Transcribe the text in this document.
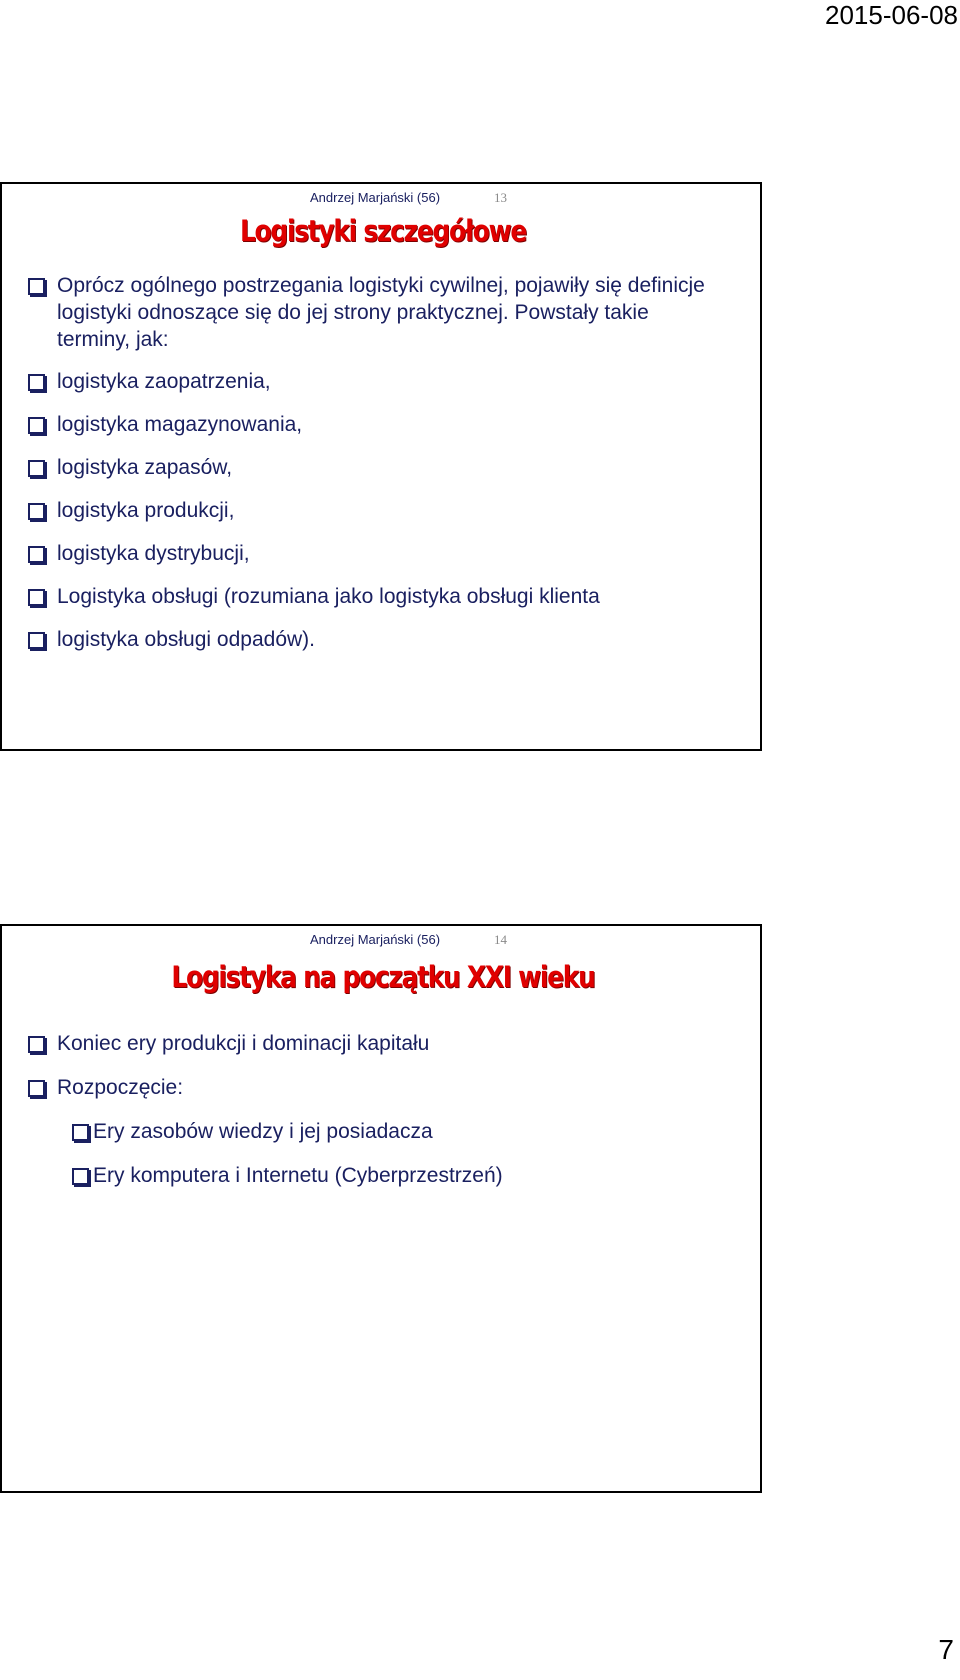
2015-06-08
Andrzej Marjański (56)	13
Logistyki szczegółowe
Oprócz ogólnego postrzegania logistyki cywilnej, pojawiły się definicje logistyki odnoszące się do jej strony praktycznej. Powstały takie terminy, jak:
logistyka zaopatrzenia,
logistyka magazynowania,
logistyka zapasów,
logistyka produkcji,
logistyka dystrybucji,
Logistyka obsługi (rozumiana jako logistyka obsługi klienta
logistyka obsługi odpadów).
Andrzej Marjański (56)	14
Logistyka na początku XXI wieku
Koniec ery produkcji i dominacji kapitału
Rozpoczęcie:
Ery zasobów wiedzy i jej posiadacza
Ery komputera i Internetu (Cyberprzestrzeń)
7
